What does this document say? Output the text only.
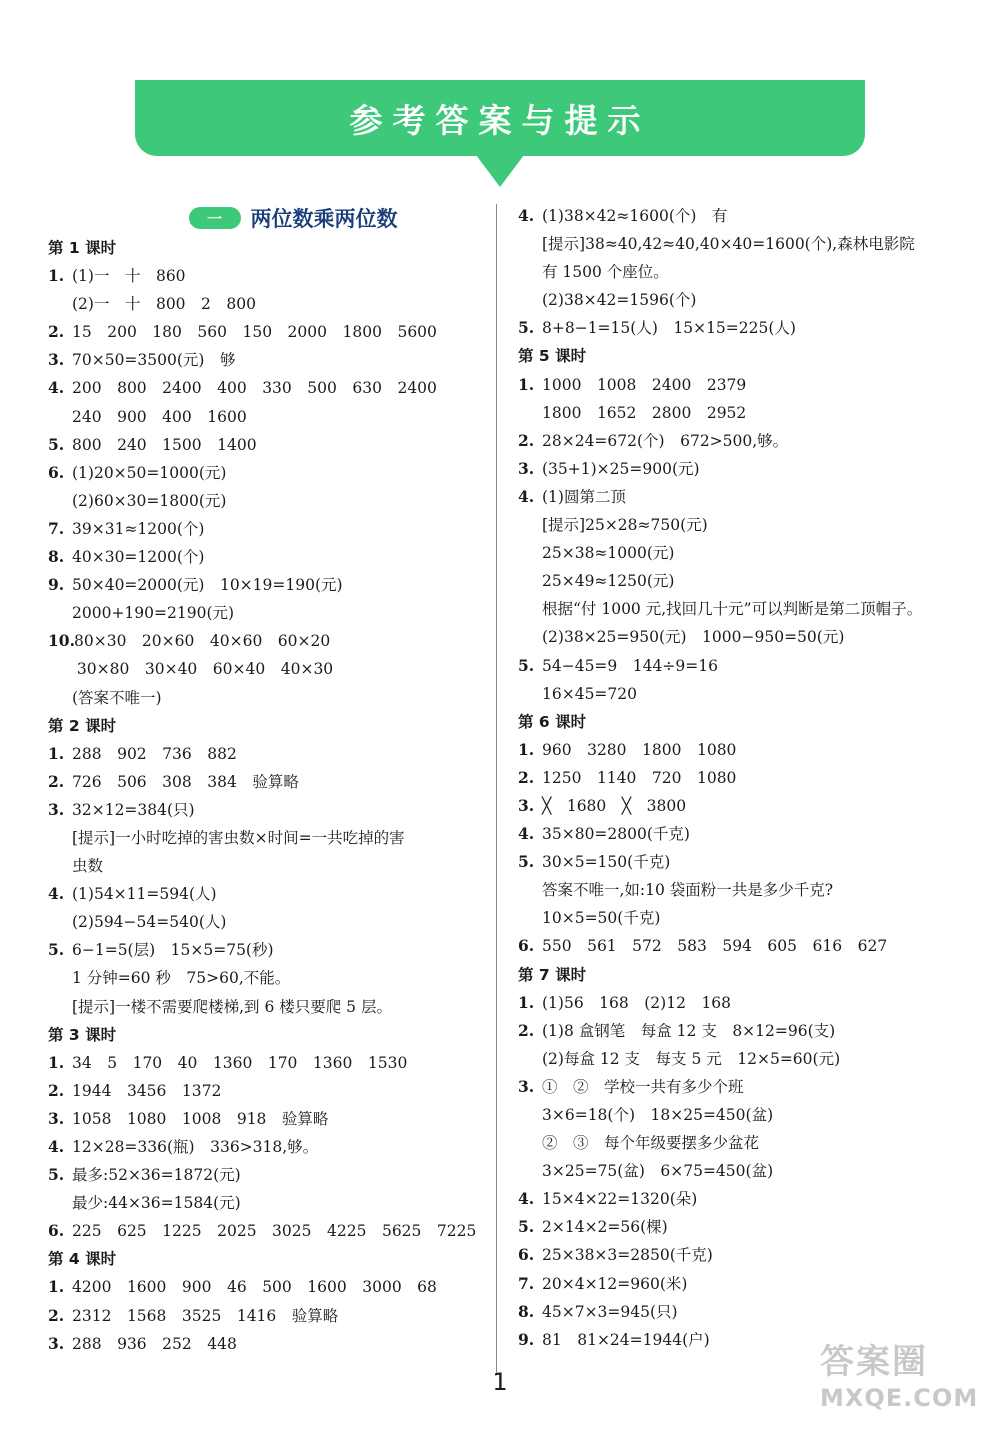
参考答案与提示
一	两位数乘两位数
第 1 课时
1. (1)一　十　860
(2)一　十　800　2　800
2. 15　200　180　560　150　2000　1800　5600
3. 70×50=3500(元)　够
4. 200　800　2400　400　330　500　630　2400
240　900　400　1600
5. 800　240　1500　1400
6. (1)20×50=1000(元)
(2)60×30=1800(元)
7. 39×31≈1200(个)
8. 40×30=1200(个)
9. 50×40=2000(元)　10×19=190(元)
2000+190=2190(元)
10.80×30　20×60　40×60　60×20
30×80　30×40　60×40　40×30
(答案不唯一)
第 2 课时
1. 288　902　736　882
2. 726　506　308　384　验算略
3. 32×12=384(只)
[提示]一小时吃掉的害虫数×时间=一共吃掉的害
虫数
4. (1)54×11=594(人)
(2)594−54=540(人)
5. 6−1=5(层)　15×5=75(秒)
1 分钟=60 秒　75>60,不能。
[提示]一楼不需要爬楼梯,到 6 楼只要爬 5 层。
第 3 课时
1. 34　5　170　40　1360　170　1360　1530
2. 1944　3456　1372
3. 1058　1080　1008　918　验算略
4. 12×28=336(瓶)　336>318,够。
5. 最多:52×36=1872(元)
最少:44×36=1584(元)
6. 225　625　1225　2025　3025　4225　5625　7225
第 4 课时
1. 4200　1600　900　46　500　1600　3000　68
2. 2312　1568　3525　1416　验算略
3. 288　936　252　448
4. (1)38×42≈1600(个)　有
[提示]38≈40,42≈40,40×40=1600(个),森林电影院
有 1500 个座位。
(2)38×42=1596(个)
5. 8+8−1=15(人)　15×15=225(人)
第 5 课时
1. 1000　1008　2400　2379
1800　1652　2800　2952
2. 28×24=672(个)　672>500,够。
3. (35+1)×25=900(元)
4. (1)圆第二顶
[提示]25×28≈750(元)
25×38≈1000(元)
25×49≈1250(元)
根据“付 1000 元,找回几十元”可以判断是第二顶帽子。
(2)38×25=950(元)　1000−950=50(元)
5. 54−45=9　144÷9=16
16×45=720
第 6 课时
1. 960　3280　1800　1080
2. 1250　1140　720　1080
3. ╳　1680　╳　3800
4. 35×80=2800(千克)
5. 30×5=150(千克)
答案不唯一,如:10 袋面粉一共是多少千克?
10×5=50(千克)
6. 550　561　572　583　594　605　616　627
第 7 课时
1. (1)56　168　(2)12　168
2. (1)8 盒钢笔　每盒 12 支　8×12=96(支)
(2)每盒 12 支　每支 5 元　12×5=60(元)
3. ①　②　学校一共有多少个班
3×6=18(个)　18×25=450(盆)
②　③　每个年级要摆多少盆花
3×25=75(盆)　6×75=450(盆)
4. 15×4×22=1320(朵)
5. 2×14×2=56(棵)
6. 25×38×3=2850(千克)
7. 20×4×12=960(米)
8. 45×7×3=945(只)
9. 81　81×24=1944(户)
1	答案圈
MXQE.COM
